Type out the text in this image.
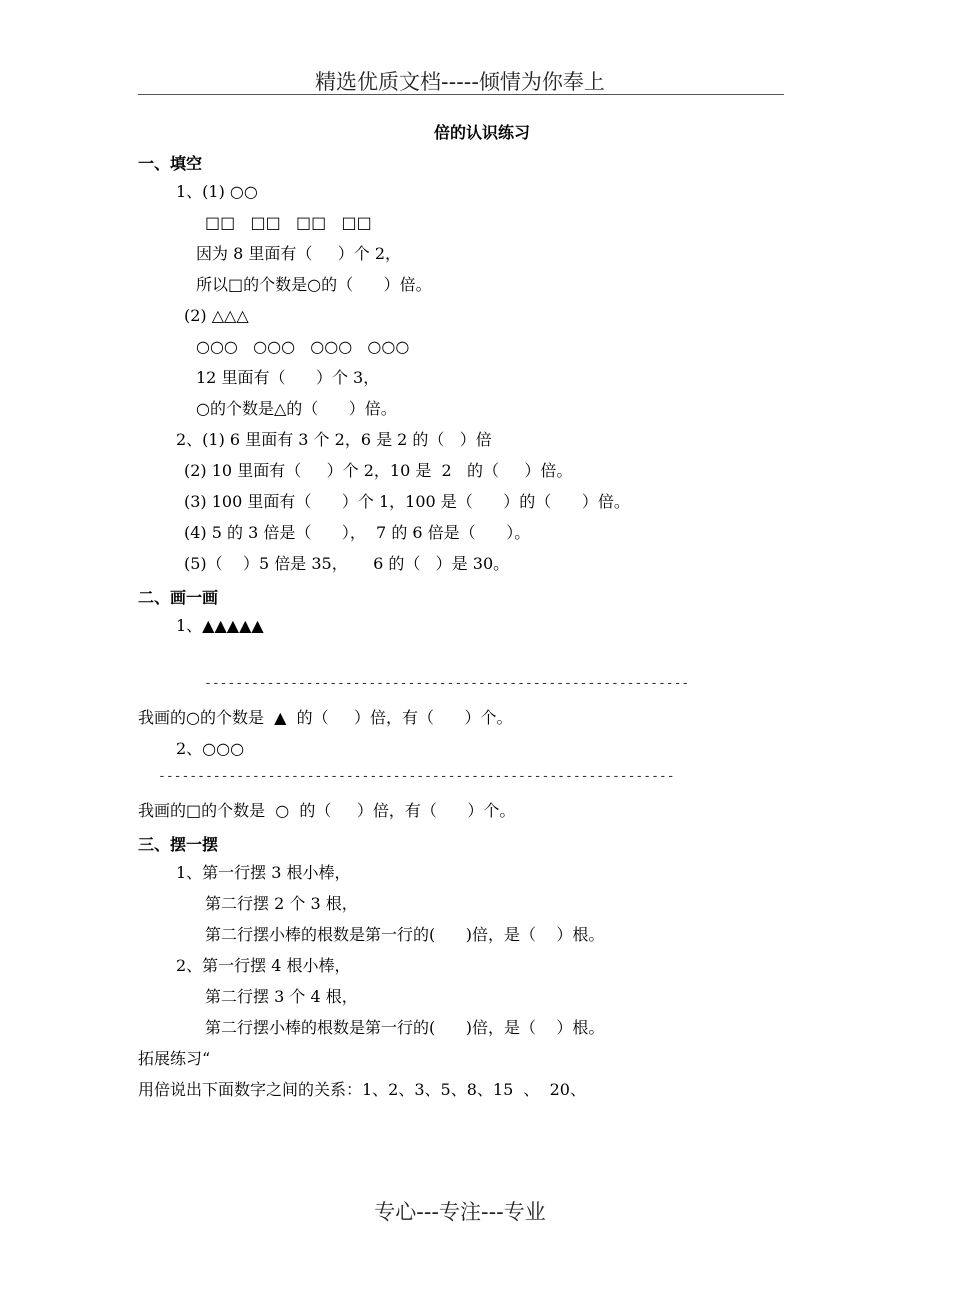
精选优质文档-----倾情为你奉上
倍的认识练习
一、填空
1、(1) ○○
□□   □□   □□   □□
因为 8 里面有（     ）个 2，
所以□的个数是○的（      ）倍。
(2) △△△
○○○   ○○○   ○○○   ○○○
12 里面有（      ）个 3，
○的个数是△的（      ）倍。
2、(1) 6 里面有 3 个 2，6 是 2 的（   ）倍
(2) 10 里面有（     ）个 2，10 是  2   的（     ）倍。
(3) 100 里面有（      ）个 1，100 是（      ）的（      ）倍。
(4) 5 的 3 倍是（      ），  7 的 6 倍是（      ）。
(5)（    ）5 倍是 35，     6 的（   ）是 30。
二、画一画
1、▲▲▲▲▲
--------------------------------------------------------------
我画的○的个数是  ▲  的（     ）倍，有（      ）个。
2、○○○
------------------------------------------------------------------
我画的□的个数是  ○  的（     ）倍，有（      ）个。
三、摆一摆
1、第一行摆 3 根小棒，
第二行摆 2 个 3 根，
第二行摆小棒的根数是第一行的(      )倍，是（    ）根。
2、第一行摆 4 根小棒，
第二行摆 3 个 4 根，
第二行摆小棒的根数是第一行的(      )倍，是（    ）根。
拓展练习“
用倍说出下面数字之间的关系：1、2、3、5、8、15  、  20、
专心---专注---专业
